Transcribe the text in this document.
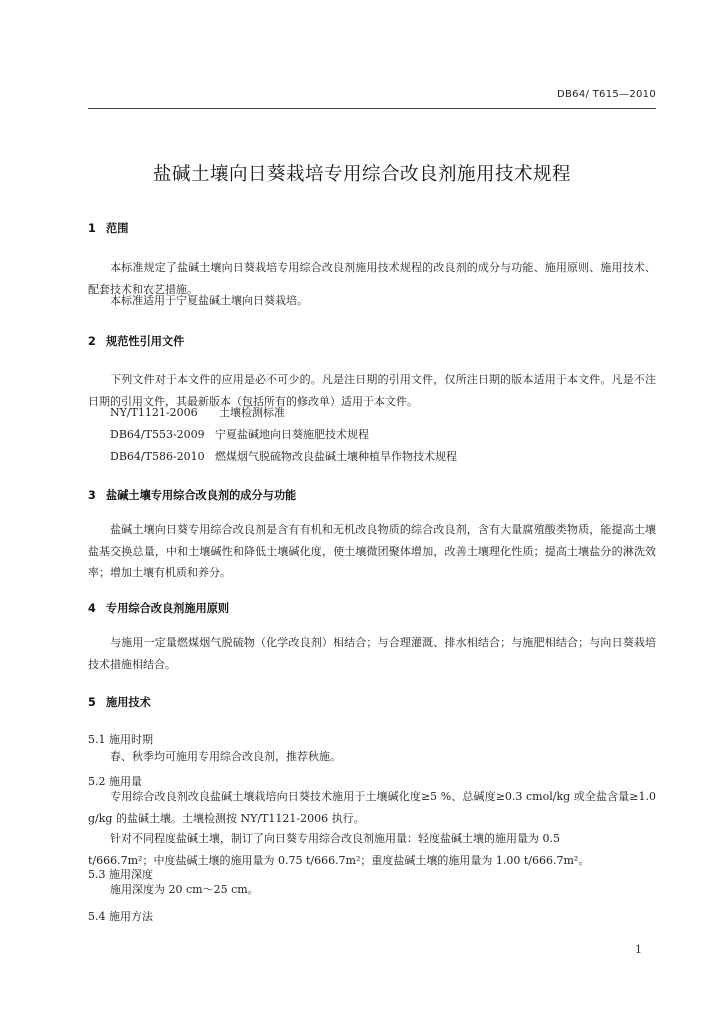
DB64/ T615—2010
盐碱土壤向日葵栽培专用综合改良剂施用技术规程
1 范围
本标准规定了盐碱土壤向日葵栽培专用综合改良剂施用技术规程的改良剂的成分与功能、施用原则、施用技术、配套技术和农艺措施。
本标准适用于宁夏盐碱土壤向日葵栽培。
2 规范性引用文件
下列文件对于本文件的应用是必不可少的。凡是注日期的引用文件，仅所注日期的版本适用于本文件。凡是不注日期的引用文件，其最新版本（包括所有的修改单）适用于本文件。
NY/T1121-2006 土壤检测标准
DB64/T553-2009 宁夏盐碱地向日葵施肥技术规程
DB64/T586-2010 燃煤烟气脱硫物改良盐碱土壤种植旱作物技术规程
3 盐碱土壤专用综合改良剂的成分与功能
盐碱土壤向日葵专用综合改良剂是含有有机和无机改良物质的综合改良剂，含有大量腐殖酸类物质，能提高土壤盐基交换总量，中和土壤碱性和降低土壤碱化度，使土壤微团聚体增加，改善土壤理化性质；提高土壤盐分的淋洗效率；增加土壤有机质和养分。
4 专用综合改良剂施用原则
与施用一定量燃煤烟气脱硫物（化学改良剂）相结合；与合理灌溉、排水相结合；与施肥相结合；与向日葵栽培技术措施相结合。
5 施用技术
5.1 施用时期
春、秋季均可施用专用综合改良剂，推荐秋施。
5.2 施用量
专用综合改良剂改良盐碱土壤栽培向日葵技术施用于土壤碱化度≥5 %、总碱度≥0.3 cmol/kg 或全盐含量≥1.0 g/kg 的盐碱土壤。土壤检测按 NY/T1121-2006 执行。
针对不同程度盐碱土壤，制订了向日葵专用综合改良剂施用量：轻度盐碱土壤的施用量为 0.5
t/666.7m²；中度盐碱土壤的施用量为 0.75 t/666.7m²；重度盐碱土壤的施用量为 1.00 t/666.7m²。
5.3 施用深度
施用深度为 20 cm～25 cm。
5.4 施用方法
1
